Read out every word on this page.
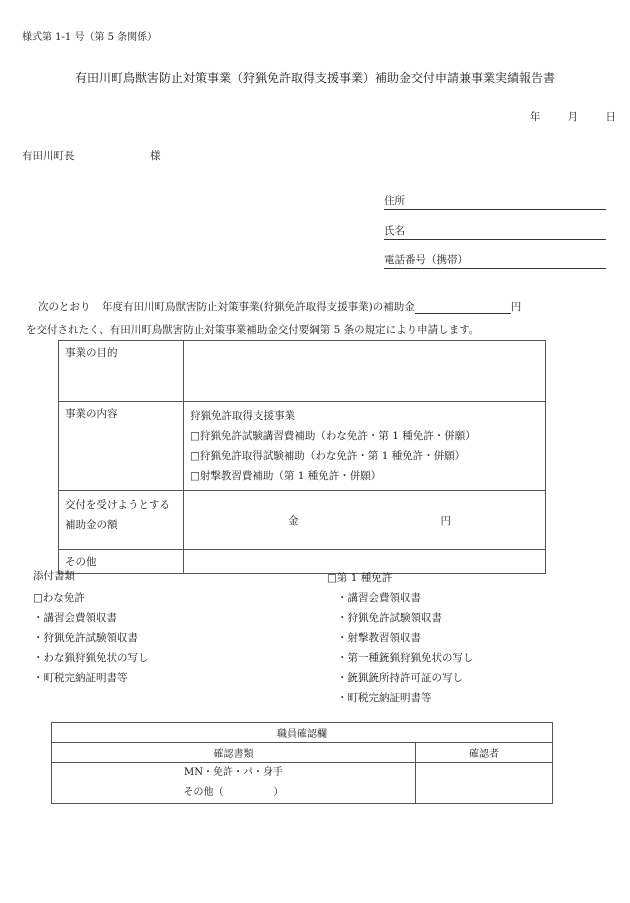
様式第 1-1 号（第 5 条関係）
有田川町鳥獣害防止対策事業（狩猟免許取得支援事業）補助金交付申請兼事業実績報告書
年	月	日
有田川町長	様
住所
氏名
電話番号（携帯）
次のとおり 年度有田川町鳥獣害防止対策事業(狩猟免許取得支援事業)の補助金	円
を交付されたく、有田川町鳥獣害防止対策事業補助金交付要綱第 5 条の規定により申請します。
事業の目的	
事業の内容	狩猟免許取得支援事業
□狩猟免許試験講習費補助（わな免許・第 1 種免許・併願）
□狩猟免許取得試験補助（わな免許・第 1 種免許・併願）
□射撃教習費補助（第 1 種免許・併願）

交付を受けようとする補助金の額	金 円

その他	
添付書類
□わな免許
・講習会費領収書
・狩猟免許試験領収書
・わな猟狩猟免状の写し
・町税完納証明書等
□第 1 種免許
・講習会費領収書
・狩猟免許試験領収書
・射撃教習領収書
・第一種銃猟狩猟免状の写し
・銃猟銃所持許可証の写し
・町税完納証明書等
職員確認欄	
確認書類	確認者

MN・免許・パ・身手
その他（　　　　　）	
